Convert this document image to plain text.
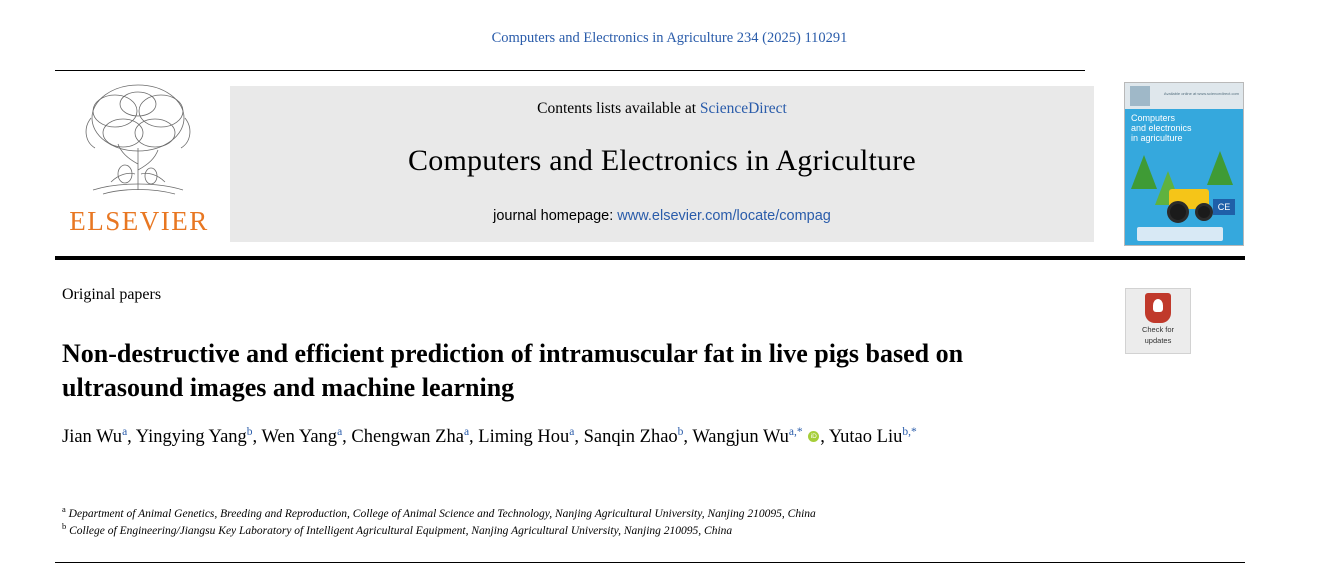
Computers and Electronics in Agriculture 234 (2025) 110291
ELSEVIER
Contents lists available at ScienceDirect
Computers and Electronics in Agriculture
journal homepage: www.elsevier.com/locate/compag
Available online at www.sciencedirect.com
Computers
and electronics
in agriculture
CE
Original papers
Non-destructive and efficient prediction of intramuscular fat in live pigs based on ultrasound images and machine learning
Jian Wu$^a$, Yingying Yang$^b$, Wen Yang$^a$, Chengwan Zha$^a$, Liming Hou$^a$, Sanqin Zhao$^b$, Wangjun $Wu^{a,*}$ iD , Yutao Liu$^{b,*}$
$^a$ Department of Animal Genetics, Breeding and Reproduction, College of Animal Science and Technology, Nanjing Agricultural University, Nanjing 210095, China
$^b$ College of Engineering/Jiangsu Key Laboratory of Intelligent Agricultural Equipment, Nanjing Agricultural University, Nanjing 210095, China
Check for
updates
